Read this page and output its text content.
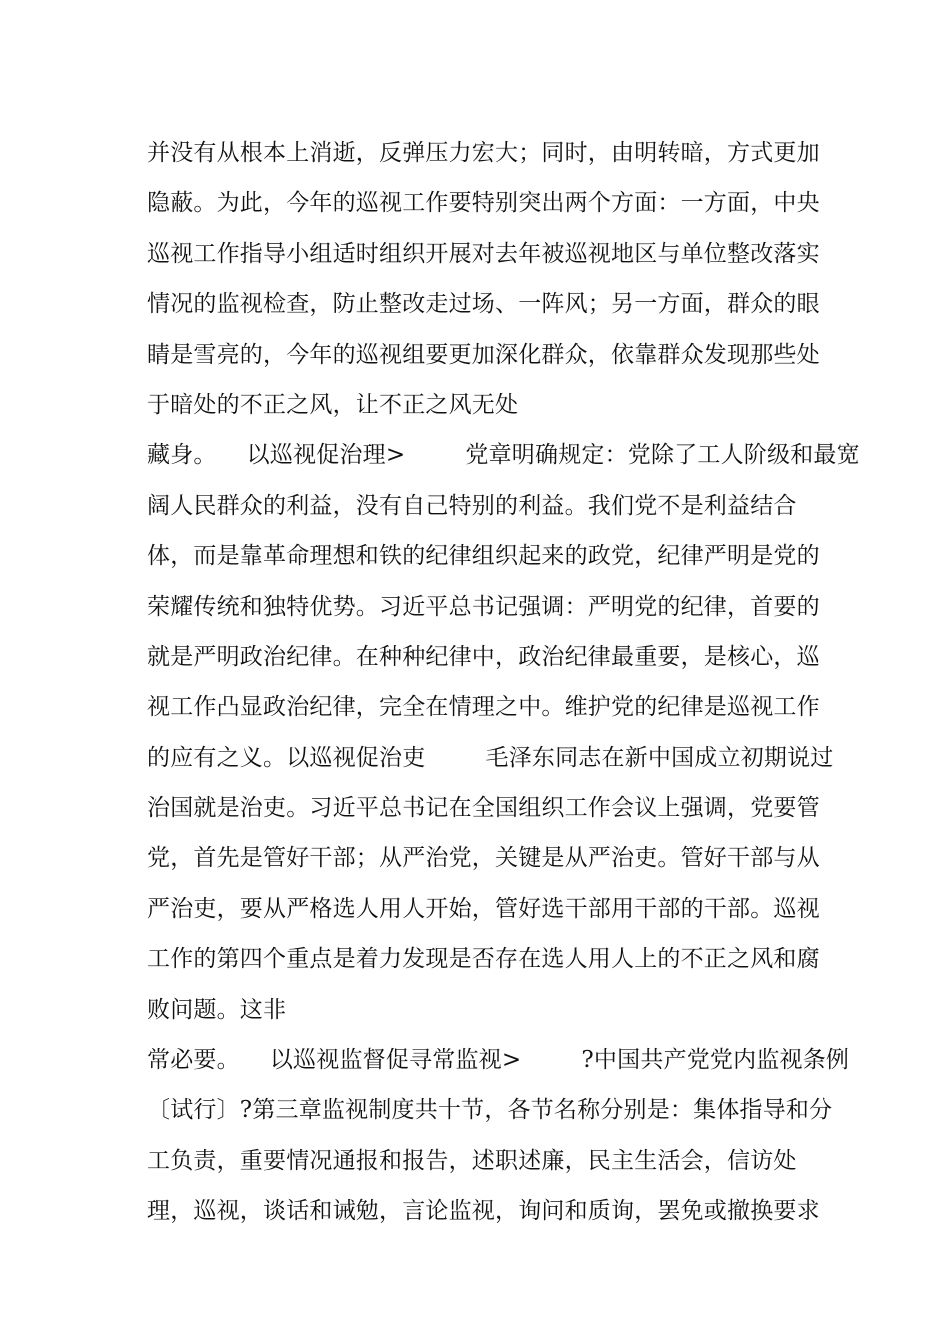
并没有从根本上消逝，反弹压力宏大；同时，由明转暗，方式更加
隐蔽。为此，今年的巡视工作要特别突出两个方面：一方面，中央
巡视工作指导小组适时组织开展对去年被巡视地区与单位整改落实
情况的监视检查，防止整改走过场、一阵风；另一方面，群众的眼
睛是雪亮的，今年的巡视组要更加深化群众，依靠群众发现那些处
于暗处的不正之风，让不正之风无处
藏身。    以巡视促治理>        党章明确规定：党除了工人阶级和最宽
阔人民群众的利益，没有自己特别的利益。我们党不是利益结合
体，而是靠革命理想和铁的纪律组织起来的政党，纪律严明是党的
荣耀传统和独特优势。习近平总书记强调：严明党的纪律，首要的
就是严明政治纪律。在种种纪律中，政治纪律最重要，是核心，巡
视工作凸显政治纪律，完全在情理之中。维护党的纪律是巡视工作
的应有之义。以巡视促治吏        毛泽东同志在新中国成立初期说过
治国就是治吏。习近平总书记在全国组织工作会议上强调，党要管
党，首先是管好干部；从严治党，关键是从严治吏。管好干部与从
严治吏，要从严格选人用人开始，管好选干部用干部的干部。巡视
工作的第四个重点是着力发现是否存在选人用人上的不正之风和腐
败问题。这非
常必要。    以巡视监督促寻常监视>        ?中国共产党党内监视条例
〔试行〕?第三章监视制度共十节，各节名称分别是：集体指导和分
工负责，重要情况通报和报告，述职述廉，民主生活会，信访处
理，巡视，谈话和诫勉，言论监视，询问和质询，罢免或撤换要求
